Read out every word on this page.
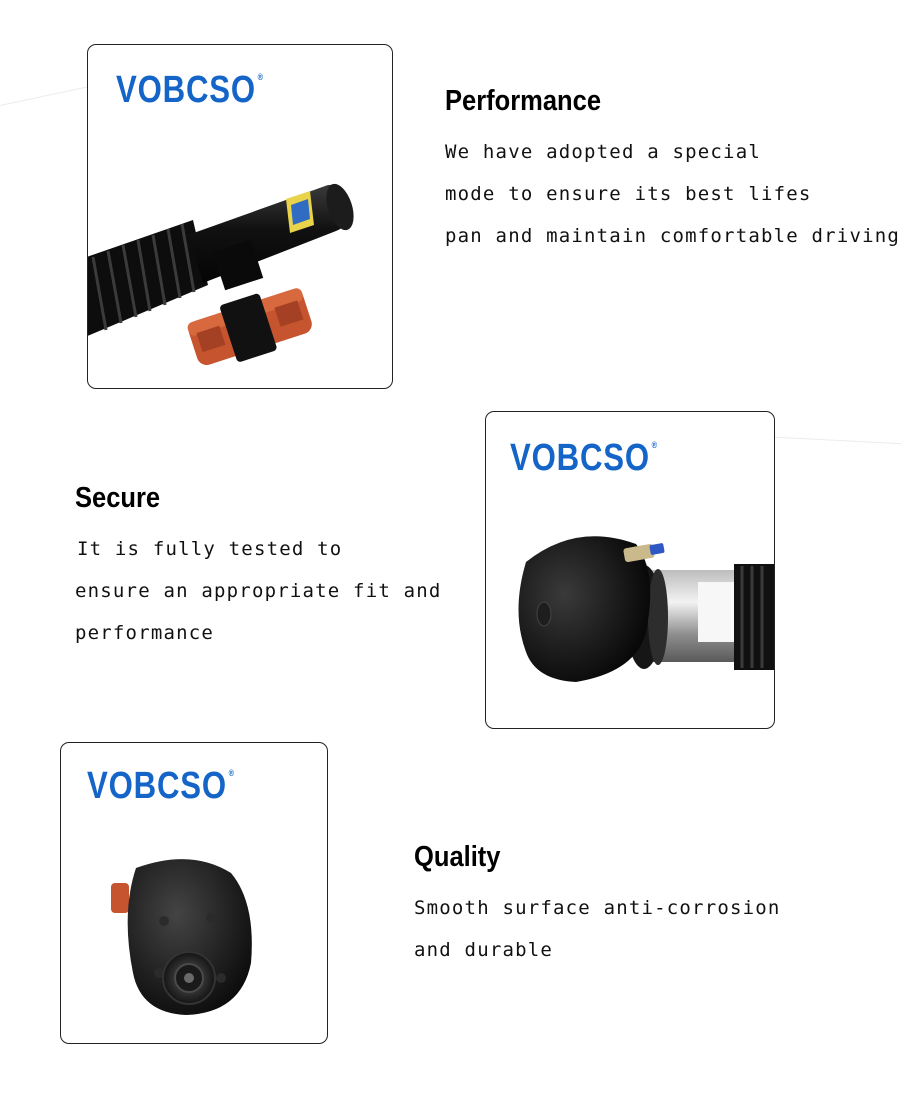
VOBCSO ®
Performance
We have adopted a special
mode to ensure its best lifes
pan and maintain comfortable driving
Secure
It is fully tested to
ensure an appropriate fit and
performance
VOBCSO ®
VOBCSO ®
Quality
Smooth surface anti-corrosion
and durable
